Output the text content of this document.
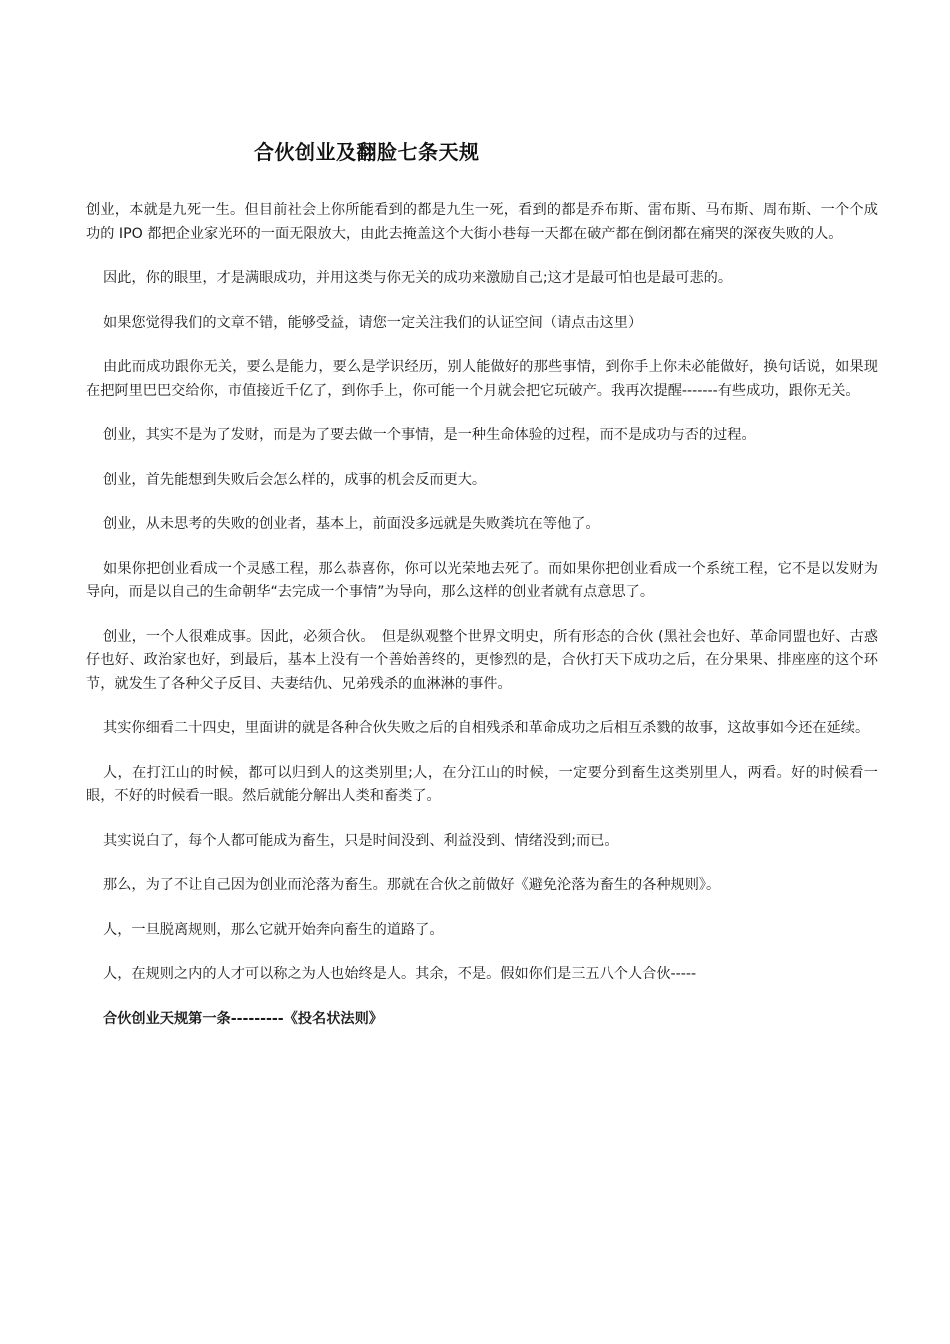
合伙创业及翻脸七条天规

创业，本就是九死一生。但目前社会上你所能看到的都是九生一死，看到的都是乔布斯、雷布斯、马布斯、周布斯、一个个成功的 IPO 都把企业家光环的一面无限放大，由此去掩盖这个大街小巷每一天都在破产都在倒闭都在痛哭的深夜失败的人。

因此，你的眼里，才是满眼成功，并用这类与你无关的成功来激励自己;这才是最可怕也是最可悲的。

如果您觉得我们的文章不错，能够受益，请您一定关注我们的认证空间（请点击这里）

由此而成功跟你无关，要么是能力，要么是学识经历，别人能做好的那些事情，到你手上你未必能做好，换句话说，如果现在把阿里巴巴交给你，市值接近千亿了，到你手上，你可能一个月就会把它玩破产。我再次提醒-------有些成功，跟你无关。

创业，其实不是为了发财，而是为了要去做一个事情，是一种生命体验的过程，而不是成功与否的过程。

创业，首先能想到失败后会怎么样的，成事的机会反而更大。

创业，从未思考的失败的创业者，基本上，前面没多远就是失败粪坑在等他了。

如果你把创业看成一个灵感工程，那么恭喜你，你可以光荣地去死了。而如果你把创业看成一个系统工程，它不是以发财为导向，而是以自己的生命朝华“去完成一个事情”为导向，那么这样的创业者就有点意思了。

创业，一个人很难成事。因此，必须合伙。　但是纵观整个世界文明史，所有形态的合伙 (黑社会也好、革命同盟也好、古惑仔也好、政治家也好，到最后，基本上没有一个善始善终的，更惨烈的是，合伙打天下成功之后，在分果果、排座座的这个环节，就发生了各种父子反目、夫妻结仇、兄弟残杀的血淋淋的事件。

其实你细看二十四史，里面讲的就是各种合伙失败之后的自相残杀和革命成功之后相互杀戮的故事，这故事如今还在延续。

人，在打江山的时候，都可以归到人的这类别里;人，在分江山的时候，一定要分到畜生这类别里人，两看。好的时候看一眼，不好的时候看一眼。然后就能分解出人类和畜类了。

其实说白了，每个人都可能成为畜生，只是时间没到、利益没到、情绪没到;而已。

那么，为了不让自己因为创业而沦落为畜生。那就在合伙之前做好《避免沦落为畜生的各种规则》。

人，一旦脱离规则，那么它就开始奔向畜生的道路了。

人，在规则之内的人才可以称之为人也始终是人。其余，不是。假如你们是三五八个人合伙-----

合伙创业天规第一条---------《投名状法则》
